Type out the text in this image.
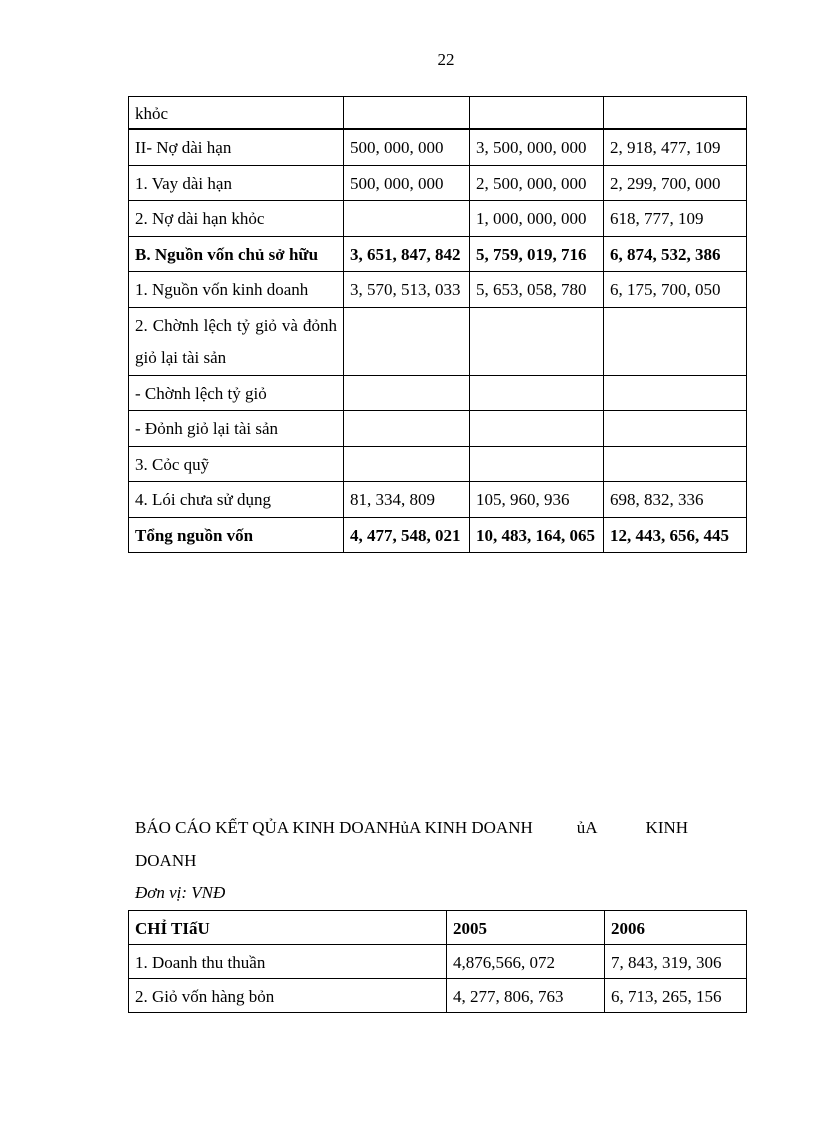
22
khỏc			
II- Nợ dài hạn	500, 000, 000	3, 500, 000, 000	2, 918, 477, 109
1. Vay dài hạn	500, 000, 000	2, 500, 000, 000	2, 299, 700, 000
2. Nợ dài hạn khỏc		1, 000, 000, 000	618, 777, 109
B. Nguồn vốn chủ sở hữu	3, 651, 847, 842	5, 759, 019, 716	6, 874, 532, 386
1. Nguồn vốn kinh doanh	3, 570, 513, 033	5, 653, 058, 780	6, 175, 700, 050
2. Chờnh lệch tỷ giỏ và đỏnh giỏ lại tài sản			
- Chờnh lệch tỷ giỏ			
- Đỏnh giỏ lại tài sản			
3. Cỏc quỹ			
4. Lói chưa sử dụng	81, 334, 809	105, 960, 936	698, 832, 336
Tổng nguồn vốn	4, 477, 548, 021	10, 483, 164, 065	12, 443, 656, 445
BÁO CÁO KẾT QỦA KINH DOANHủA KINH DOANH	ủA	KINH
DOANH
Đơn vị: VNĐ
CHỈ TIấU	2005	2006
1. Doanh thu thuần	4,876,566, 072	7, 843, 319, 306
2. Giỏ vốn hàng bỏn	4, 277, 806, 763	6, 713, 265, 156
